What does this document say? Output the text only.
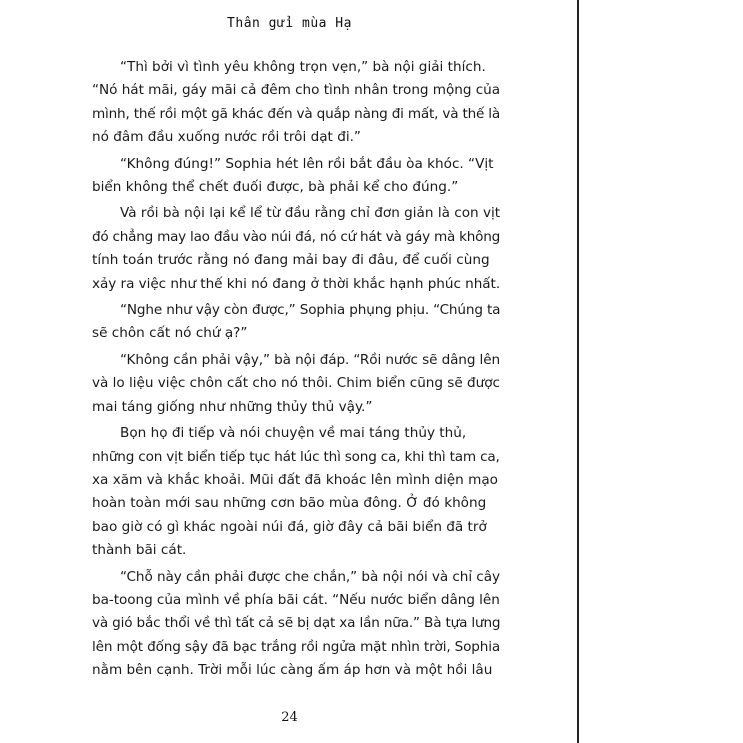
Thân gửi mùa Hạ

“Thì bởi vì tình yêu không trọn vẹn,” bà nội giải thích.
“Nó hát mãi, gáy mãi cả đêm cho tình nhân trong mộng của
mình, thế rồi một gã khác đến và quắp nàng đi mất, và thế là
nó đâm đầu xuống nước rồi trôi dạt đi.”

“Không đúng!” Sophia hét lên rồi bắt đầu òa khóc. “Vịt
biển không thể chết đuối được, bà phải kể cho đúng.”

Và rồi bà nội lại kể lể từ đầu rằng chỉ đơn giản là con vịt
đó chẳng may lao đầu vào núi đá, nó cứ hát và gáy mà không
tính toán trước rằng nó đang mải bay đi đâu, để cuối cùng
xảy ra việc như thế khi nó đang ở thời khắc hạnh phúc nhất.

“Nghe như vậy còn được,” Sophia phụng phịu. “Chúng ta
sẽ chôn cất nó chứ ạ?”

“Không cần phải vậy,” bà nội đáp. “Rồi nước sẽ dâng lên
và lo liệu việc chôn cất cho nó thôi. Chim biển cũng sẽ được
mai táng giống như những thủy thủ vậy.”

Bọn họ đi tiếp và nói chuyện về mai táng thủy thủ,
những con vịt biển tiếp tục hát lúc thì song ca, khi thì tam ca,
xa xăm và khắc khoải. Mũi đất đã khoác lên mình diện mạo
hoàn toàn mới sau những cơn bão mùa đông. Ở đó không
bao giờ có gì khác ngoài núi đá, giờ đây cả bãi biển đã trở
thành bãi cát.

“Chỗ này cần phải được che chắn,” bà nội nói và chỉ cây
ba-toong của mình về phía bãi cát. “Nếu nước biển dâng lên
và gió bắc thổi về thì tất cả sẽ bị dạt xa lần nữa.” Bà tựa lưng
lên một đống sậy đã bạc trắng rồi ngửa mặt nhìn trời, Sophia
nằm bên cạnh. Trời mỗi lúc càng ấm áp hơn và một hồi lâu

24
